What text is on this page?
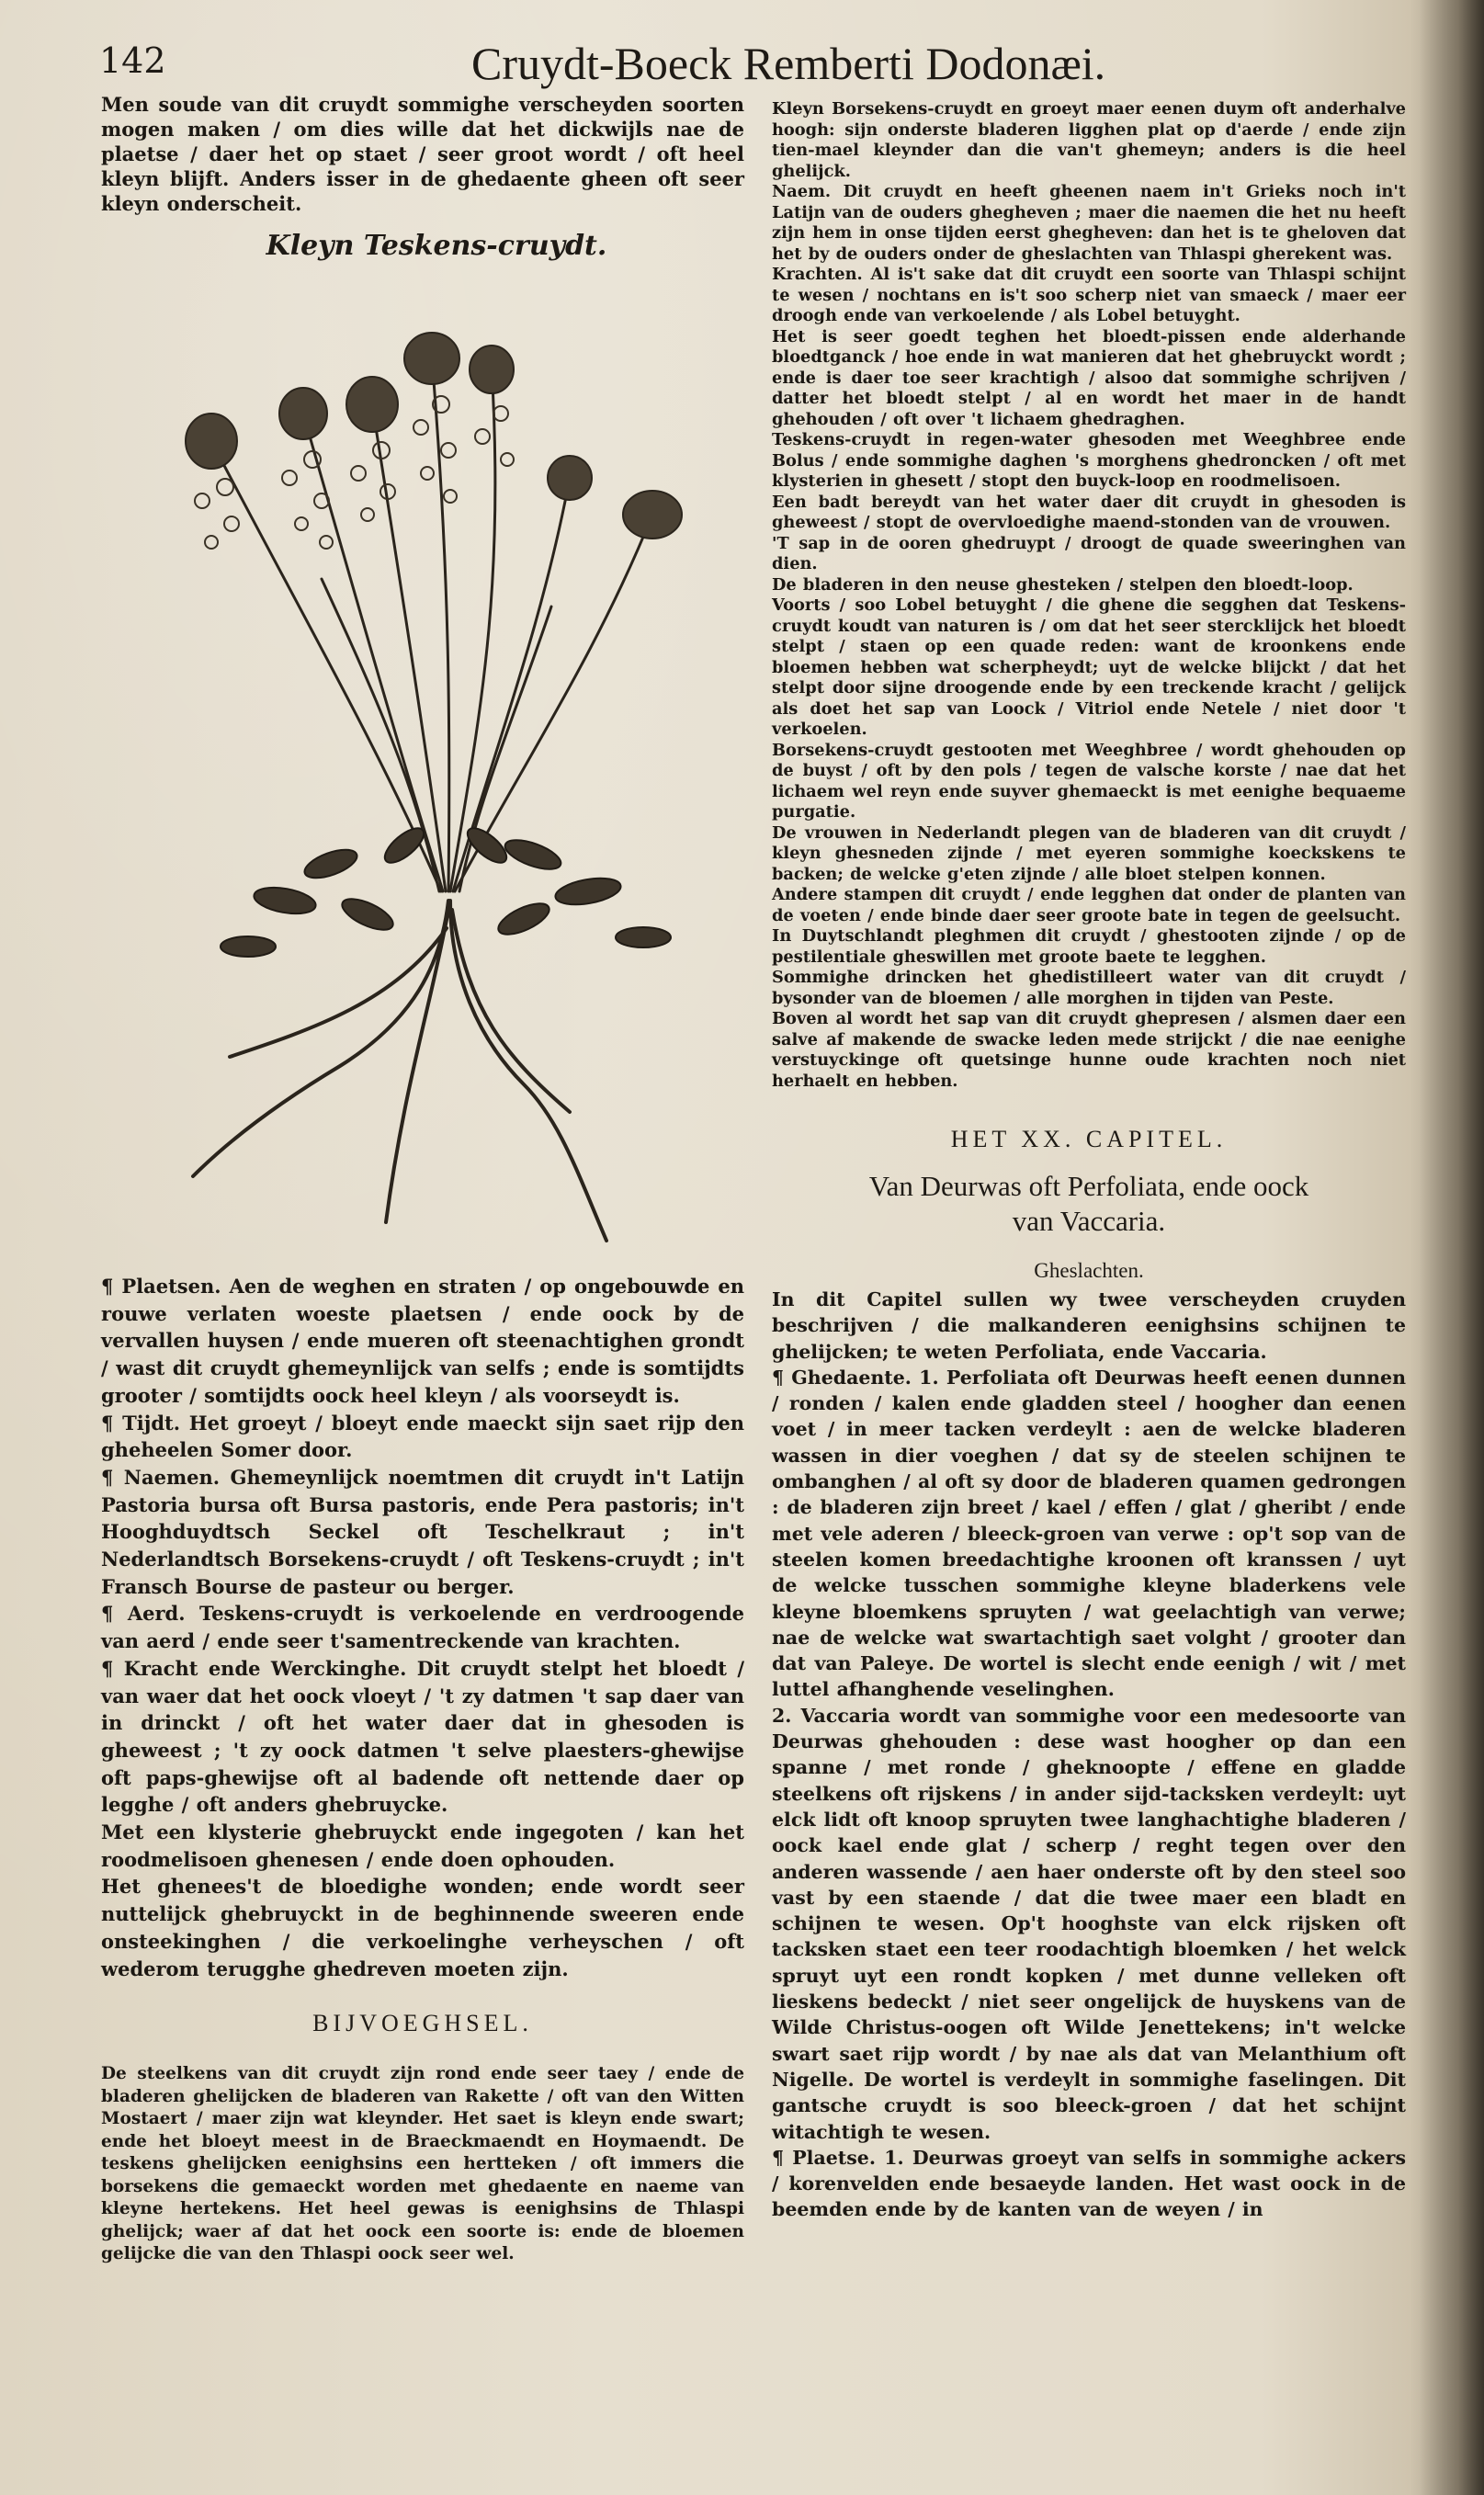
142	Cruydt-Boeck Remberti Dodonæi.

Men soude van dit cruydt sommighe verscheyden soorten mogen maken / om dies wille dat het dickwijls nae de plaetse / daer het op staet / seer groot wordt / oft heel kleyn blijft. Anders isser in de ghedaente gheen oft seer kleyn onderscheit.

Kleyn Teskens-cruydt.

¶ Plaetsen. Aen de weghen en straten / op ongebouwde en rouwe verlaten woeste plaetsen / ende oock by de vervallen huysen / ende mueren oft steenachtighen grondt / wast dit cruydt ghemeynlijck van selfs ; ende is somtijdts grooter / somtijdts oock heel kleyn / als voorseydt is.

¶ Tijdt. Het groeyt / bloeyt ende maeckt sijn saet rijp den gheheelen Somer door.

¶ Naemen. Ghemeynlijck noemtmen dit cruydt in't Latijn Pastoria bursa oft Bursa pastoris, ende Pera pastoris; in't Hooghduydtsch Seckel oft Teschelkraut ; in't Nederlandtsch Borsekens-cruydt / oft Teskens-cruydt ; in't Fransch Bourse de pasteur ou berger.

¶ Aerd. Teskens-cruydt is verkoelende en verdroogende van aerd / ende seer t'samentreckende van krachten.

¶ Kracht ende Werckinghe. Dit cruydt stelpt het bloedt / van waer dat het oock vloeyt / 't zy datmen 't sap daer van in drinckt / oft het water daer dat in ghesoden is gheweest ; 't zy oock datmen 't selve plaesters-ghewijse oft paps-ghewijse oft al badende oft nettende daer op legghe / oft anders ghebruycke.

Met een klysterie ghebruyckt ende ingegoten / kan het roodmelisoen ghenesen / ende doen ophouden.

Het ghenees't de bloedighe wonden; ende wordt seer nuttelijck ghebruyckt in de beghinnende sweeren ende onsteekinghen / die verkoelinghe verheyschen / oft wederom terugghe ghedreven moeten zijn.

BIJVOEGHSEL.

De steelkens van dit cruydt zijn rond ende seer taey / ende de bladeren ghelijcken de bladeren van Rakette / oft van den Witten Mostaert / maer zijn wat kleynder. Het saet is kleyn ende swart; ende het bloeyt meest in de Braeckmaendt en Hoymaendt. De teskens ghelijcken eenighsins een hertteken / oft immers die borsekens die gemaeckt worden met ghedaente en naeme van kleyne hertekens. Het heel gewas is eenighsins de Thlaspi ghelijck; waer af dat het oock een soorte is: ende de bloemen gelijcke die van den Thlaspi oock seer wel.

Kleyn Borsekens-cruydt en groeyt maer eenen duym oft anderhalve hoogh: sijn onderste bladeren ligghen plat op d'aerde / ende zijn tien-mael kleynder dan die van't ghemeyn; anders is die heel ghelijck.

Naem. Dit cruydt en heeft gheenen naem in't Grieks noch in't Latijn van de ouders ghegheven ; maer die naemen die het nu heeft zijn hem in onse tijden eerst ghegheven: dan het is te gheloven dat het by de ouders onder de gheslachten van Thlaspi gherekent was.

Krachten. Al is't sake dat dit cruydt een soorte van Thlaspi schijnt te wesen / nochtans en is't soo scherp niet van smaeck / maer eer droogh ende van verkoelende / als Lobel betuyght.

Het is seer goedt teghen het bloedt-pissen ende alderhande bloedtganck / hoe ende in wat manieren dat het ghebruyckt wordt ; ende is daer toe seer krachtigh / alsoo dat sommighe schrijven / datter het bloedt stelpt / al en wordt het maer in de handt ghehouden / oft over 't lichaem ghedraghen.

Teskens-cruydt in regen-water ghesoden met Weeghbree ende Bolus / ende sommighe daghen 's morghens ghedroncken / oft met klysterien in ghesett / stopt den buyck-loop en roodmelisoen.

Een badt bereydt van het water daer dit cruydt in ghesoden is gheweest / stopt de overvloedighe maend-stonden van de vrouwen.

'T sap in de ooren ghedruypt / droogt de quade sweeringhen van dien.

De bladeren in den neuse ghesteken / stelpen den bloedt-loop.

Voorts / soo Lobel betuyght / die ghene die segghen dat Teskens-cruydt koudt van naturen is / om dat het seer stercklijck het bloedt stelpt / staen op een quade reden: want de kroonkens ende bloemen hebben wat scherpheydt; uyt de welcke blijckt / dat het stelpt door sijne droogende ende by een treckende kracht / gelijck als doet het sap van Loock / Vitriol ende Netele / niet door 't verkoelen.

Borsekens-cruydt gestooten met Weeghbree / wordt ghehouden op de buyst / oft by den pols / tegen de valsche korste / nae dat het lichaem wel reyn ende suyver ghemaeckt is met eenighe bequaeme purgatie.

De vrouwen in Nederlandt plegen van de bladeren van dit cruydt / kleyn ghesneden zijnde / met eyeren sommighe koeckskens te backen; de welcke g'eten zijnde / alle bloet stelpen konnen.

Andere stampen dit cruydt / ende legghen dat onder de planten van de voeten / ende binde daer seer groote bate in tegen de geelsucht.

In Duytschlandt pleghmen dit cruydt / ghestooten zijnde / op de pestilentiale gheswillen met groote baete te legghen.

Sommighe drincken het ghedistilleert water van dit cruydt / bysonder van de bloemen / alle morghen in tijden van Peste.

Boven al wordt het sap van dit cruydt ghepresen / alsmen daer een salve af makende de swacke leden mede strijckt / die nae eenighe verstuyckinge oft quetsinge hunne oude krachten noch niet herhaelt en hebben.

HET XX. CAPITEL.
Van Deurwas oft Perfoliata, ende oock
van Vaccaria.
Gheslachten.

In dit Capitel sullen wy twee verscheyden cruyden beschrijven / die malkanderen eenighsins schijnen te ghelijcken; te weten Perfoliata, ende Vaccaria.

¶ Ghedaente. 1. Perfoliata oft Deurwas heeft eenen dunnen / ronden / kalen ende gladden steel / hoogher dan eenen voet / in meer tacken verdeylt : aen de welcke bladeren wassen in dier voeghen / dat sy de steelen schijnen te ombanghen / al oft sy door de bladeren quamen gedrongen : de bladeren zijn breet / kael / effen / glat / gheribt / ende met vele aderen / bleeck-groen van verwe : op't sop van de steelen komen breedachtighe kroonen oft kranssen / uyt de welcke tusschen sommighe kleyne bladerkens vele kleyne bloemkens spruyten / wat geelachtigh van verwe; nae de welcke wat swartachtigh saet volght / grooter dan dat van Paleye. De wortel is slecht ende eenigh / wit / met luttel afhanghende veselinghen.

2. Vaccaria wordt van sommighe voor een medesoorte van Deurwas ghehouden : dese wast hoogher op dan een spanne / met ronde / gheknoopte / effene en gladde steelkens oft rijskens / in ander sijd-tacksken verdeylt: uyt elck lidt oft knoop spruyten twee langhachtighe bladeren / oock kael ende glat / scherp / reght tegen over den anderen wassende / aen haer onderste oft by den steel soo vast by een staende / dat die twee maer een bladt en schijnen te wesen. Op't hooghste van elck rijsken oft tacksken staet een teer roodachtigh bloemken / het welck spruyt uyt een rondt kopken / met dunne velleken oft lieskens bedeckt / niet seer ongelijck de huyskens van de Wilde Christus-oogen oft Wilde Jenettekens; in't welcke swart saet rijp wordt / by nae als dat van Melanthium oft Nigelle. De wortel is verdeylt in sommighe faselingen. Dit gantsche cruydt is soo bleeck-groen / dat het schijnt witachtigh te wesen.

¶ Plaetse. 1. Deurwas groeyt van selfs in sommighe ackers / korenvelden ende besaeyde landen. Het wast oock in de beemden ende by de kanten van de weyen / in
